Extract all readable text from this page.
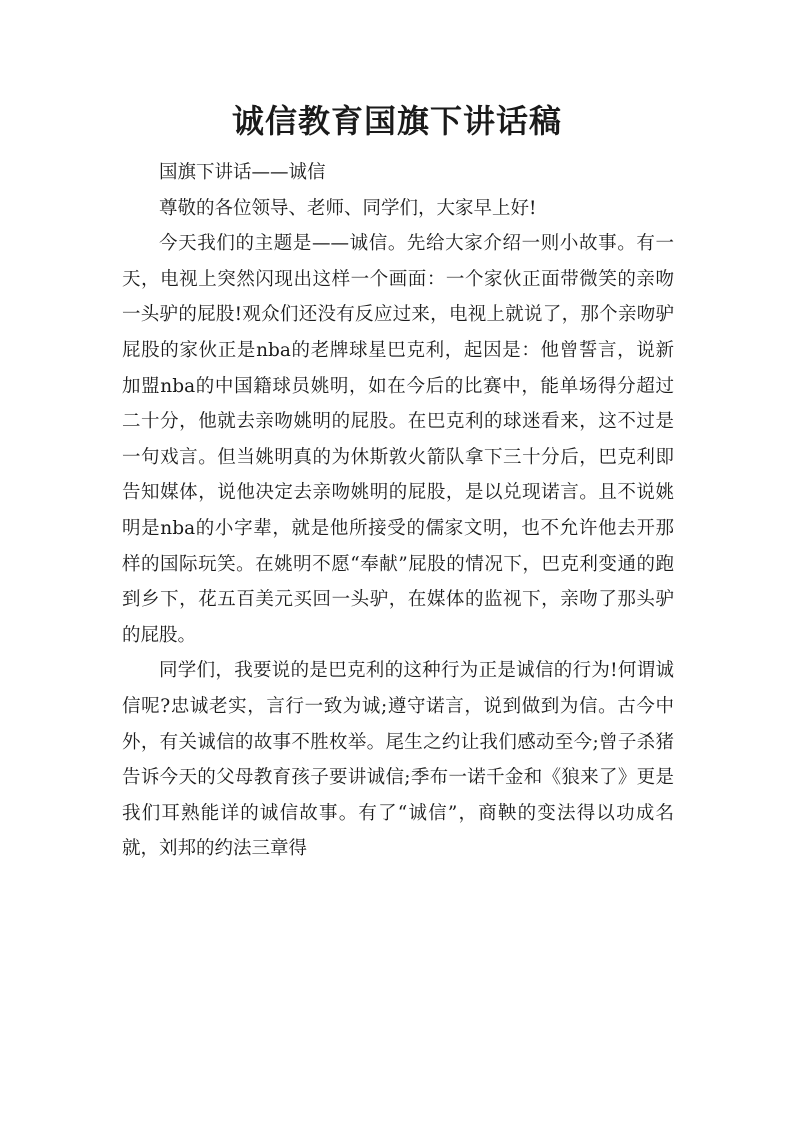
诚信教育国旗下讲话稿

国旗下讲话——诚信

尊敬的各位领导、老师、同学们，大家早上好!

今天我们的主题是——诚信。先给大家介绍一则小故事。有一天，电视上突然闪现出这样一个画面：一个家伙正面带微笑的亲吻一头驴的屁股!观众们还没有反应过来，电视上就说了，那个亲吻驴屁股的家伙正是nba的老牌球星巴克利，起因是：他曾誓言，说新加盟nba的中国籍球员姚明，如在今后的比赛中，能单场得分超过二十分，他就去亲吻姚明的屁股。在巴克利的球迷看来，这不过是一句戏言。但当姚明真的为休斯敦火箭队拿下三十分后，巴克利即告知媒体，说他决定去亲吻姚明的屁股，是以兑现诺言。且不说姚明是nba的小字辈，就是他所接受的儒家文明，也不允许他去开那样的国际玩笑。在姚明不愿“奉献”屁股的情况下，巴克利变通的跑到乡下，花五百美元买回一头驴，在媒体的监视下，亲吻了那头驴的屁股。

同学们，我要说的是巴克利的这种行为正是诚信的行为!何谓诚信呢?忠诚老实，言行一致为诚;遵守诺言，说到做到为信。古今中外，有关诚信的故事不胜枚举。尾生之约让我们感动至今;曾子杀猪告诉今天的父母教育孩子要讲诚信;季布一诺千金和《狼来了》更是我们耳熟能详的诚信故事。有了“诚信”，商鞅的变法得以功成名就，刘邦的约法三章得
